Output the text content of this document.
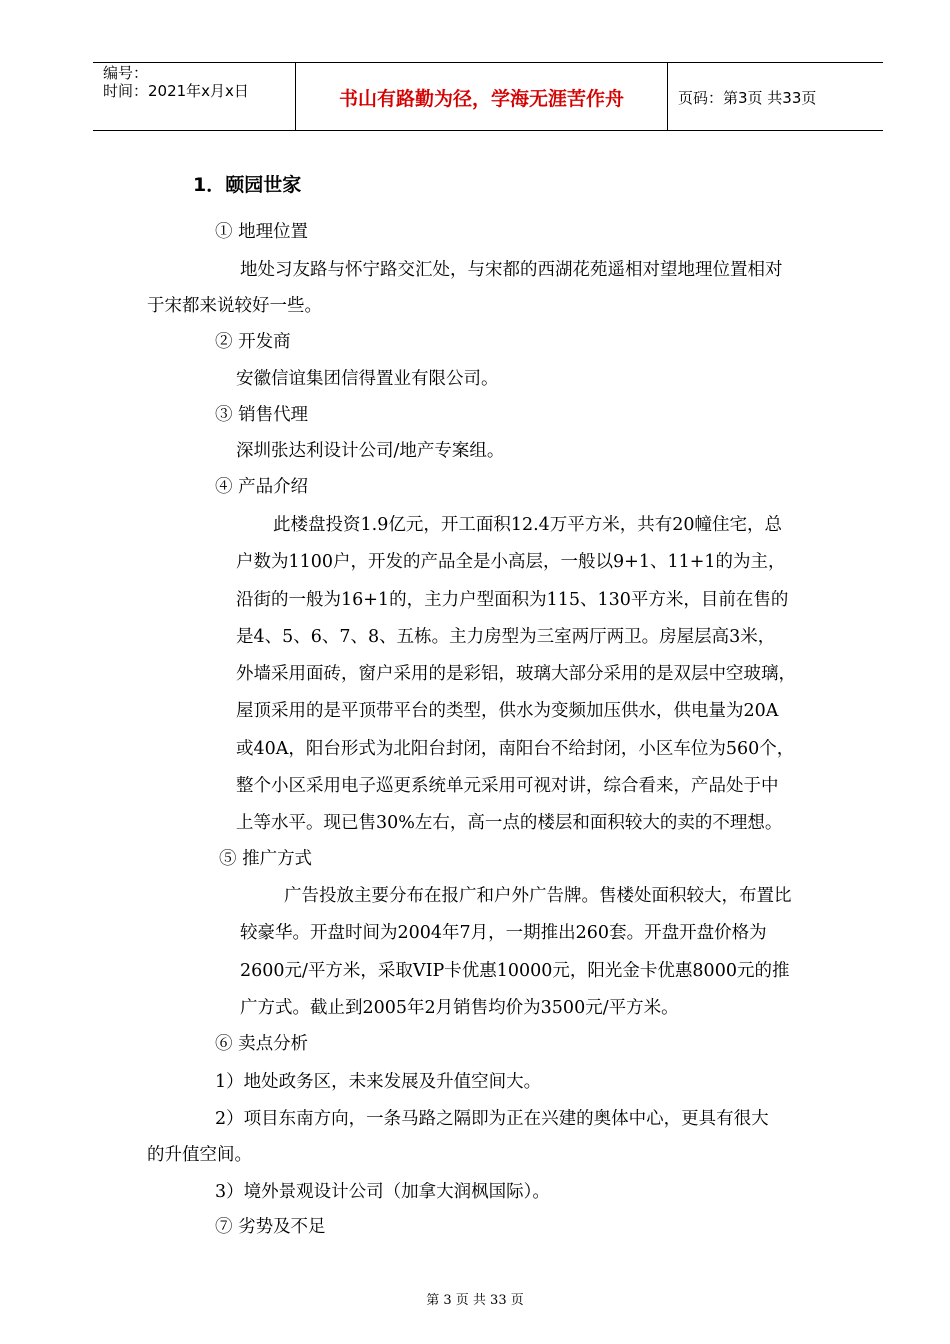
编号：
时间：2021年x月x日	书山有路勤为径，学海无涯苦作舟	页码：第3页 共33页
1．颐园世家
① 地理位置
地处习友路与怀宁路交汇处，与宋都的西湖花苑遥相对望地理位置相对
于宋都来说较好一些。
② 开发商
安徽信谊集团信得置业有限公司。
③ 销售代理
深圳张达利设计公司/地产专案组。
④ 产品介绍
此楼盘投资1.9亿元，开工面积12.4万平方米，共有20幢住宅，总
户数为1100户，开发的产品全是小高层，一般以9+1、11+1的为主，
沿街的一般为16+1的，主力户型面积为115、130平方米，目前在售的
是4、5、6、7、8、五栋。主力房型为三室两厅两卫。房屋层高3米，
外墙采用面砖，窗户采用的是彩铝，玻璃大部分采用的是双层中空玻璃，
屋顶采用的是平顶带平台的类型，供水为变频加压供水，供电量为20A
或40A，阳台形式为北阳台封闭，南阳台不给封闭，小区车位为560个，
整个小区采用电子巡更系统单元采用可视对讲，综合看来，产品处于中
上等水平。现已售30%左右，高一点的楼层和面积较大的卖的不理想。
⑤ 推广方式
广告投放主要分布在报广和户外广告牌。售楼处面积较大，布置比
较豪华。开盘时间为2004年7月，一期推出260套。开盘开盘价格为
2600元/平方米，采取VIP卡优惠10000元，阳光金卡优惠8000元的推
广方式。截止到2005年2月销售均价为3500元/平方米。
⑥ 卖点分析
1）地处政务区，未来发展及升值空间大。
2）项目东南方向，一条马路之隔即为正在兴建的奥体中心，更具有很大
的升值空间。
3）境外景观设计公司（加拿大润枫国际）。
⑦ 劣势及不足
第 3 页 共 33 页
